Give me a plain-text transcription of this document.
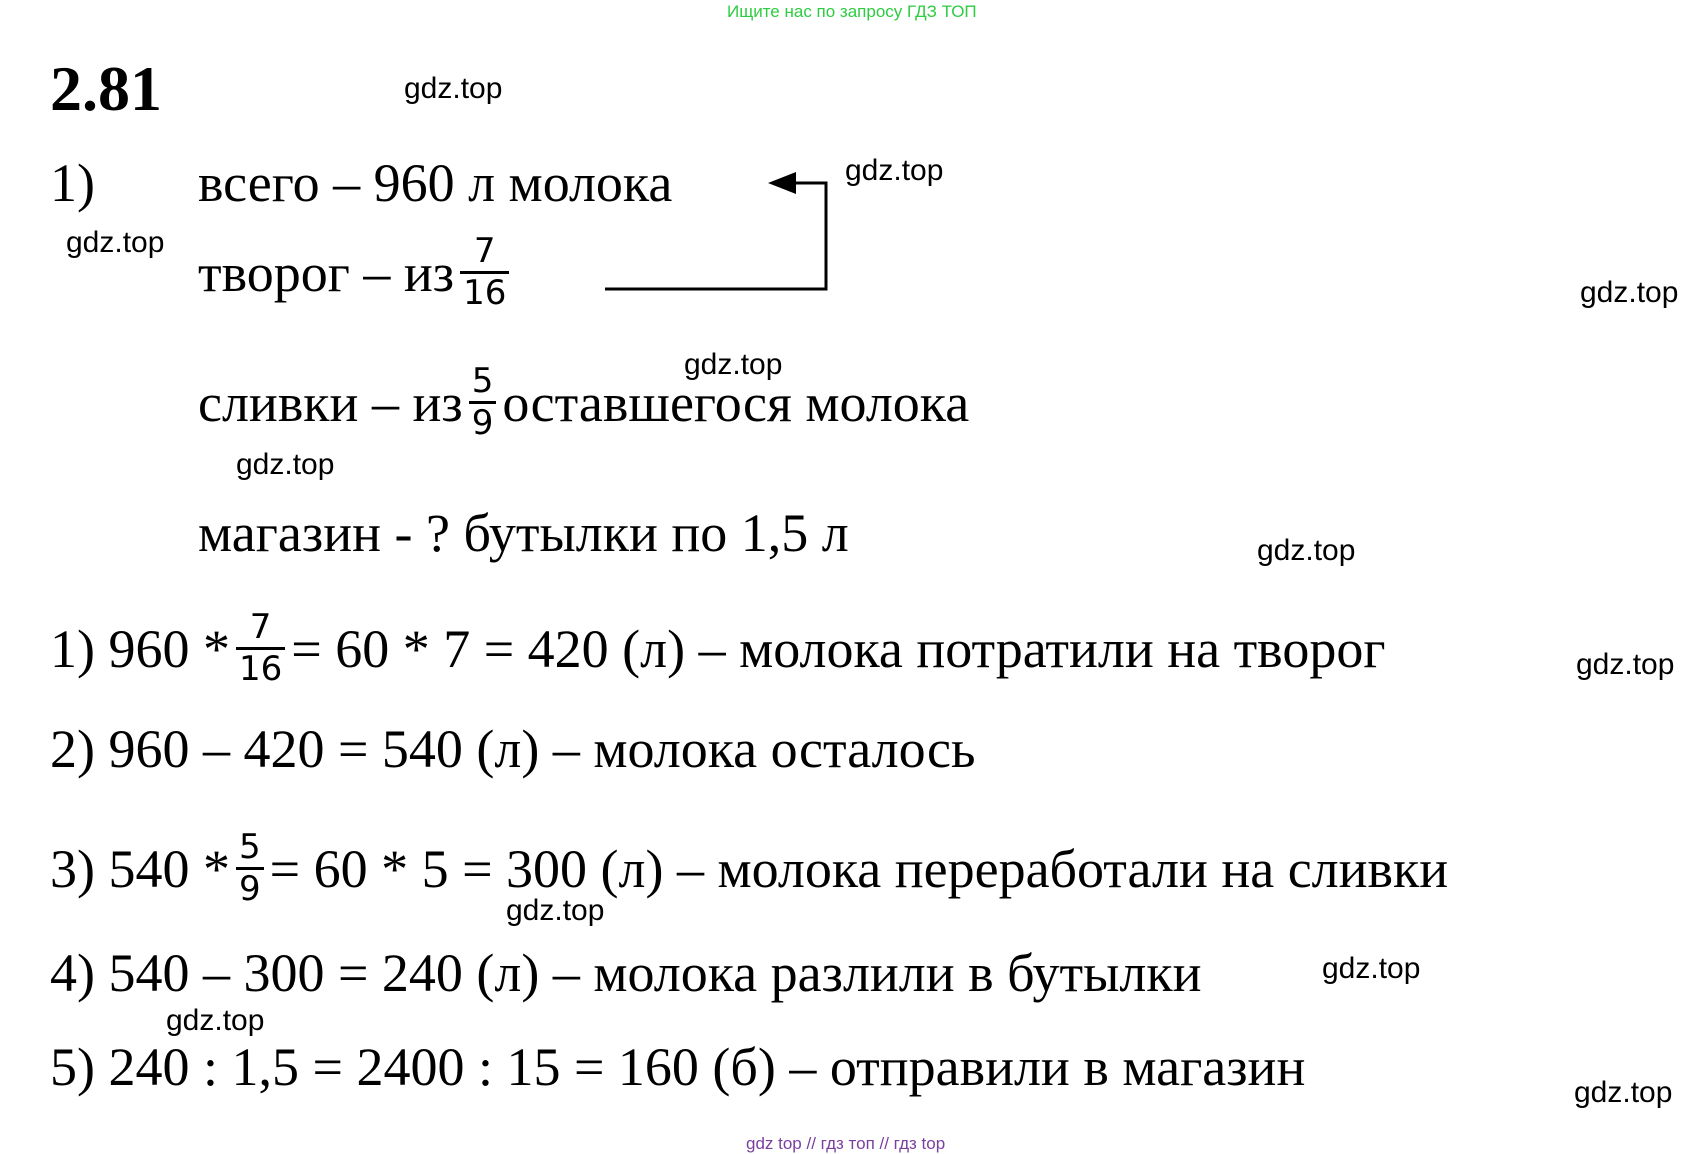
Ищите нас по запросу ГДЗ ТОП
2.81
1) всего – 960 л молока
творог – из $\frac{7}{16}$
сливки – из $\frac{5}{9}$ оставшегося молока
магазин - ? бутылки по 1,5 л
1) $960 * \frac{7}{16} = 60 * 7 = 420$ (л) – молока потратили на творог
2) 960 – 420 = 540 (л) – молока осталось
3) $540 * \frac{5}{9} = 60 * 5 = 300$ (л) – молока переработали на сливки
4) 540 – 300 = 240 (л) – молока разлили в бутылки
5) 240 : 1,5 = 2400 : 15 = 160 (б) – отправили в магазин
gdz.top
gdz.top
gdz.top
gdz.top
gdz.top
gdz.top
gdz.top
gdz.top
gdz.top
gdz.top
gdz.top
gdz.top
gdz top // гдз топ // гдз top
